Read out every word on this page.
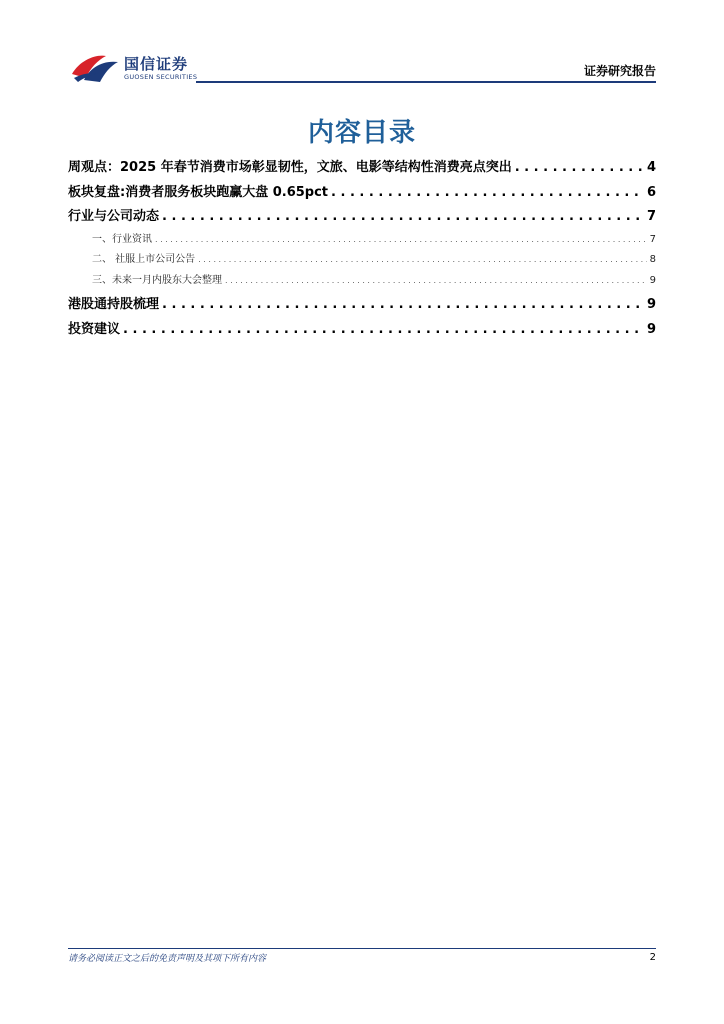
国信证券
GUOSEN SECURITIES	证券研究报告
内容目录
周观点：2025 年春节消费市场彰显韧性，文旅、电影等结构性消费亮点突出 . . .	4
板块复盘:消费者服务板块跑赢大盘 0.65pct . . .	6
行业与公司动态 . . .	7
一、行业资讯 . . .	7
二、 社服上市公司公告 . . .	8
三、未来一月内股东大会整理 . . .	9
港股通持股梳理 . . .	9
投资建议 . . .	9
请务必阅读正文之后的免责声明及其项下所有内容	2
